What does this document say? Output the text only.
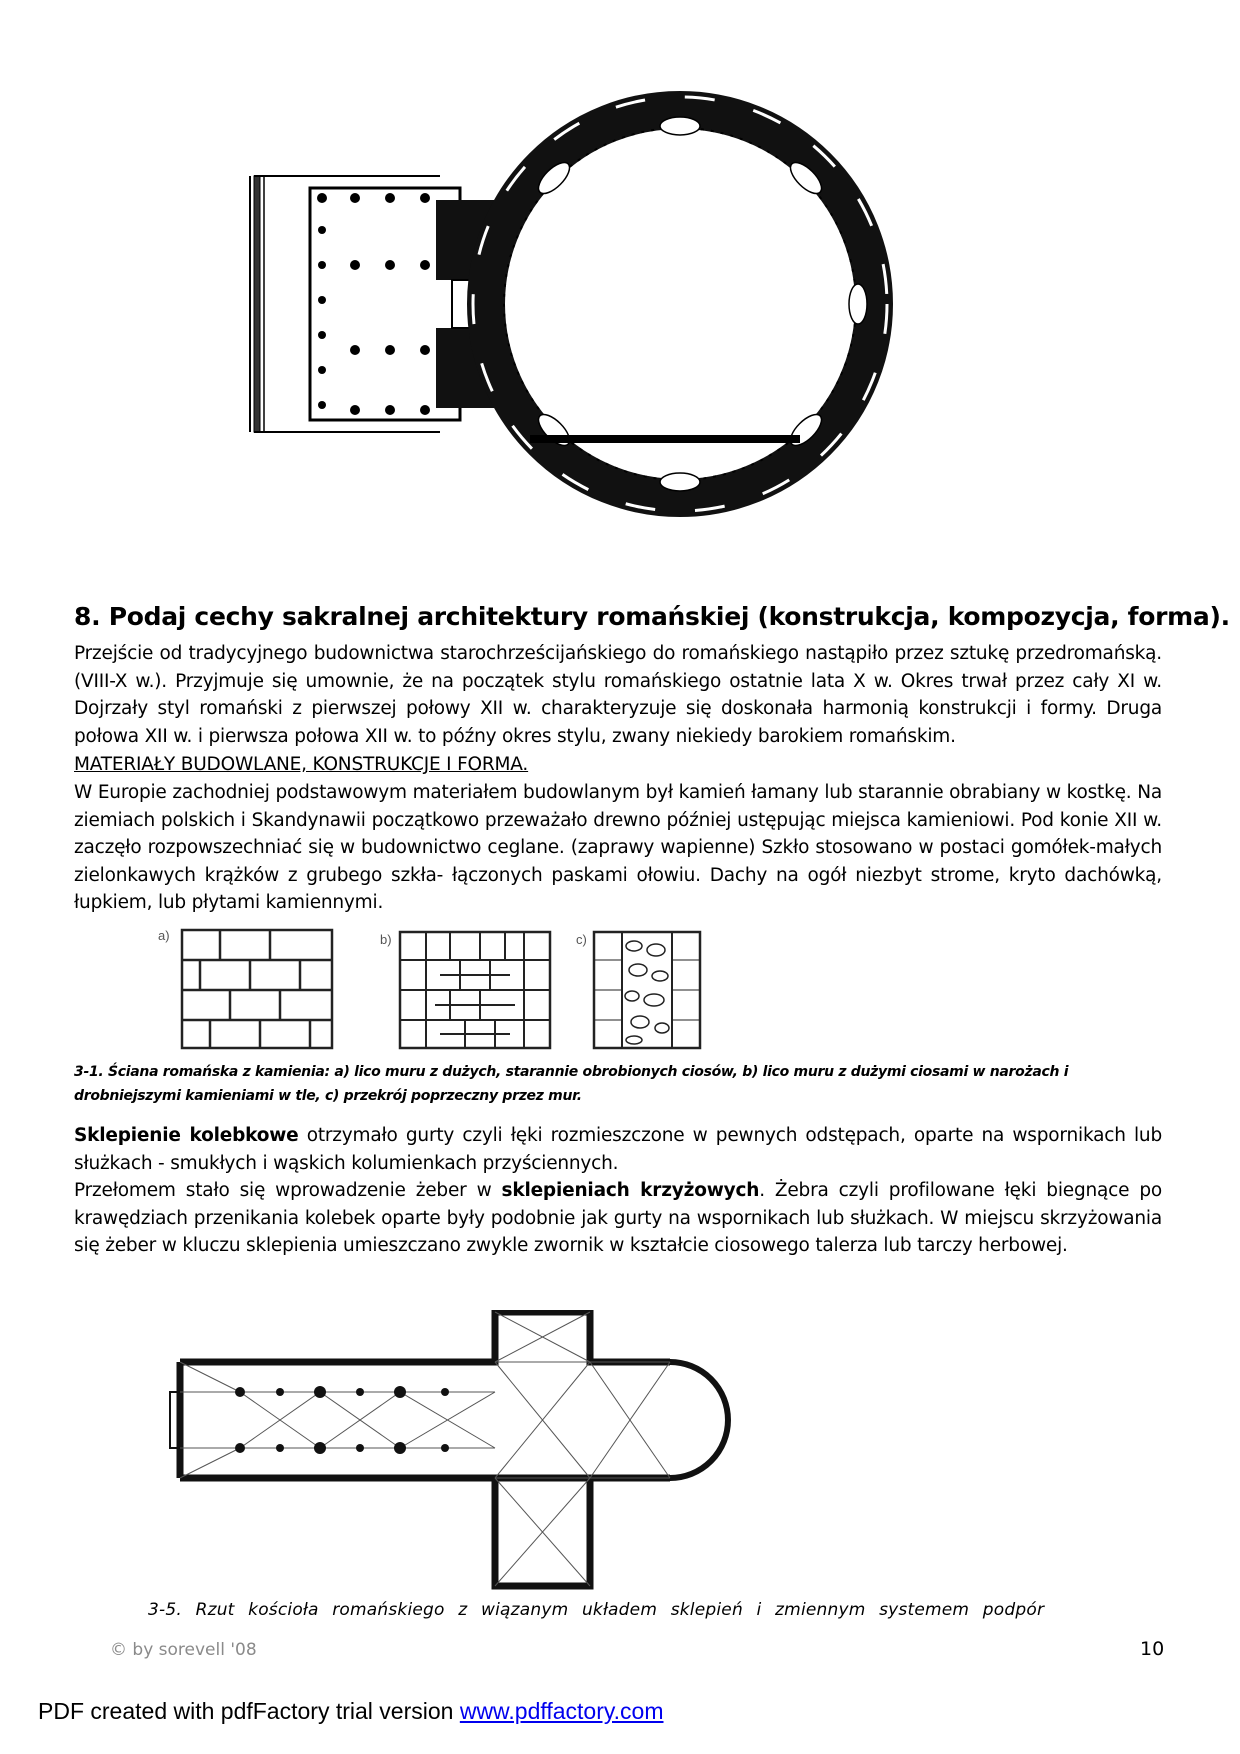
8. Podaj cechy sakralnej architektury romańskiej (konstrukcja, kompozycja, forma).

Przejście od tradycyjnego budownictwa starochrześcijańskiego do romańskiego nastąpiło przez sztukę przedromańską. (VIII-X w.). Przyjmuje się umownie, że na początek stylu romańskiego ostatnie lata X w. Okres trwał przez cały XI w. Dojrzały styl romański z pierwszej połowy XII w. charakteryzuje się doskonała harmonią konstrukcji i formy. Druga połowa XII w. i pierwsza połowa XII w. to późny okres stylu, zwany niekiedy barokiem romańskim.

MATERIAŁY BUDOWLANE, KONSTRUKCJE I FORMA.

W Europie zachodniej podstawowym materiałem budowlanym był kamień łamany lub starannie obrabiany w kostkę. Na ziemiach polskich i Skandynawii początkowo przeważało drewno później ustępując miejsca kamieniowi. Pod konie XII w. zaczęło rozpowszechniać się w budownictwo ceglane. (zaprawy wapienne) Szkło stosowano w postaci gomółek-małych zielonkawych krążków z grubego szkła- łączonych paskami ołowiu. Dachy na ogół niezbyt strome, kryto dachówką, łupkiem, lub płytami kamiennymi.

a)	b)	c)

3-1. Ściana romańska z kamienia: a) lico muru z dużych, starannie obrobionych ciosów, b) lico muru z dużymi ciosami w narożach i drobniejszymi kamieniami w tle, c) przekrój poprzeczny przez mur.

Sklepienie kolebkowe otrzymało gurty czyli łęki rozmieszczone w pewnych odstępach, oparte na wspornikach lub służkach - smukłych i wąskich kolumienkach przyściennych.

Przełomem stało się wprowadzenie żeber w sklepieniach krzyżowych. Żebra czyli profilowane łęki biegnące po krawędziach przenikania kolebek oparte były podobnie jak gurty na wspornikach lub służkach. W miejscu skrzyżowania się żeber w kluczu sklepienia umieszczano zwykle zwornik w kształcie ciosowego talerza lub tarczy herbowej.

3-5. Rzut kościoła romańskiego z wiązanym układem sklepień i zmiennym systemem podpór

© by sorevell '08	10
PDF created with pdfFactory trial version www.pdffactory.com
